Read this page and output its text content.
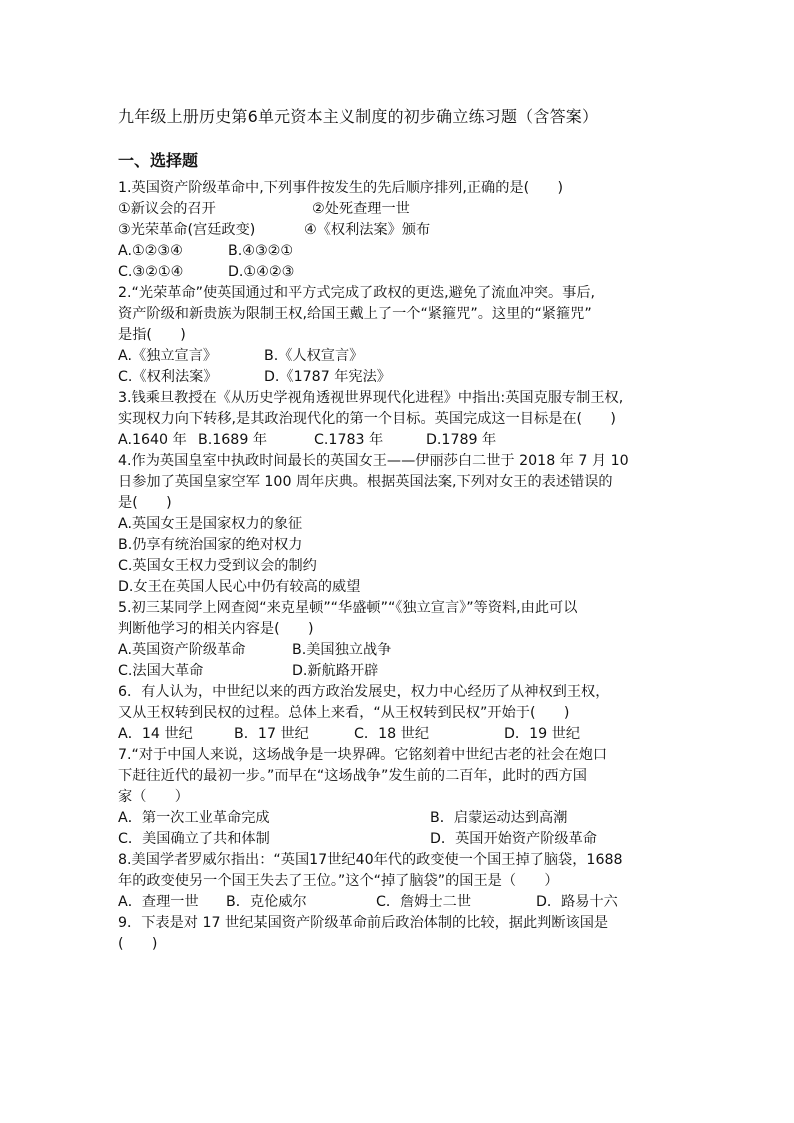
九年级上册历史第6单元资本主义制度的初步确立练习题（含答案）
一、选择题
1.英国资产阶级革命中,下列事件按发生的先后顺序排列,正确的是(　　)
①新议会的召开	②处死查理一世
③光荣革命(宫廷政变)	④《权利法案》颁布
A.①②③④	B.④③②①
C.③②①④	D.①④②③
2.“光荣革命”使英国通过和平方式完成了政权的更迭,避免了流血冲突。事后,
资产阶级和新贵族为限制王权,给国王戴上了一个“紧箍咒”。这里的“紧箍咒”
是指(　　)
A.《独立宣言》	B.《人权宣言》
C.《权利法案》	D.《1787 年宪法》
3.钱乘旦教授在《从历史学视角透视世界现代化进程》中指出:英国克服专制王权,
实现权力向下转移,是其政治现代化的第一个目标。英国完成这一目标是在(　　)
A.1640 年 B.1689 年	C.1783 年	D.1789 年
4.作为英国皇室中执政时间最长的英国女王——伊丽莎白二世于 2018 年 7 月 10
日参加了英国皇家空军 100 周年庆典。根据英国法案,下列对女王的表述错误的
是(　　)
A.英国女王是国家权力的象征
B.仍享有统治国家的绝对权力
C.英国女王权力受到议会的制约
D.女王在英国人民心中仍有较高的威望
5.初三某同学上网查阅“来克星顿”“华盛顿”“《独立宣言》”等资料,由此可以
判断他学习的相关内容是(　　)
A.英国资产阶级革命	B.美国独立战争
C.法国大革命	D.新航路开辟
6．有人认为，中世纪以来的西方政治发展史，权力中心经历了从神权到王权，
又从王权转到民权的过程。总体上来看，“从王权转到民权”开始于(　　)
A．14 世纪	B．17 世纪	C．18 世纪	D．19 世纪
7.“对于中国人来说，这场战争是一块界碑。它铭刻着中世纪古老的社会在炮口
下赶往近代的最初一步。”而早在“这场战争”发生前的二百年，此时的西方国
家（　　）
A．第一次工业革命完成	B．启蒙运动达到高潮
C．美国确立了共和体制	D．英国开始资产阶级革命
8.美国学者罗威尔指出：“英国17世纪40年代的政变使一个国王掉了脑袋，1688
年的政变使另一个国王失去了王位。”这个“掉了脑袋”的国王是（　　）
A．查理一世 B．克伦威尔	C．詹姆士二世	D．路易十六
9．下表是对 17 世纪某国资产阶级革命前后政治体制的比较，据此判断该国是
(　　)
